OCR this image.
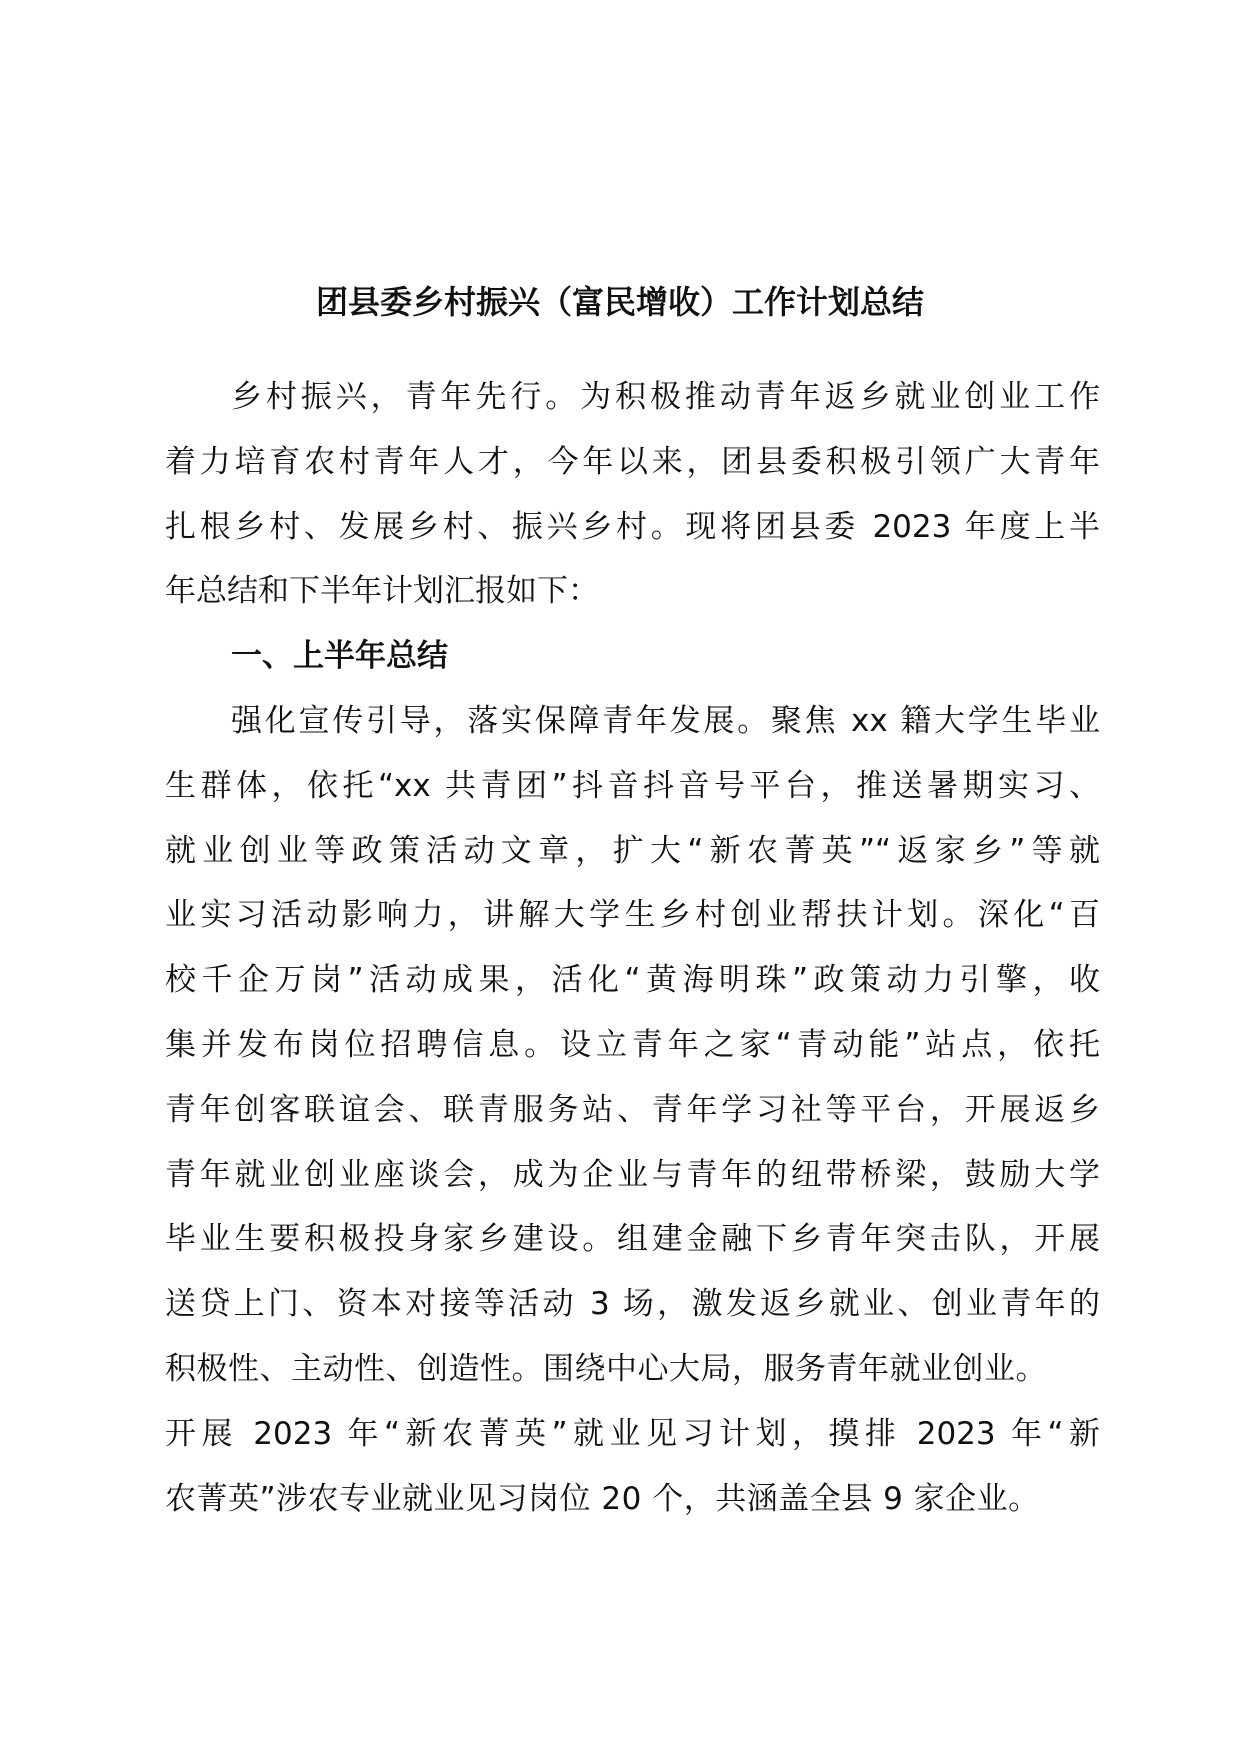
团县委乡村振兴（富民增收）工作计划总结
乡村振兴，青年先行。为积极推动青年返乡就业创业工作
着力培育农村青年人才，今年以来，团县委积极引领广大青年
扎根乡村、发展乡村、振兴乡村。现将团县委 2023 年度上半
年总结和下半年计划汇报如下：
一、上半年总结
强化宣传引导，落实保障青年发展。聚焦 xx 籍大学生毕业
生群体，依托“xx 共青团”抖音抖音号平台，推送暑期实习、
就业创业等政策活动文章，扩大“新农菁英”“返家乡”等就
业实习活动影响力，讲解大学生乡村创业帮扶计划。深化“百
校千企万岗”活动成果，活化“黄海明珠”政策动力引擎，收
集并发布岗位招聘信息。设立青年之家“青动能”站点，依托
青年创客联谊会、联青服务站、青年学习社等平台，开展返乡
青年就业创业座谈会，成为企业与青年的纽带桥梁，鼓励大学
毕业生要积极投身家乡建设。组建金融下乡青年突击队，开展
送贷上门、资本对接等活动 3 场，激发返乡就业、创业青年的
积极性、主动性、创造性。围绕中心大局，服务青年就业创业。
开展 2023 年“新农菁英”就业见习计划，摸排 2023 年“新
农菁英”涉农专业就业见习岗位 20 个，共涵盖全县 9 家企业。
